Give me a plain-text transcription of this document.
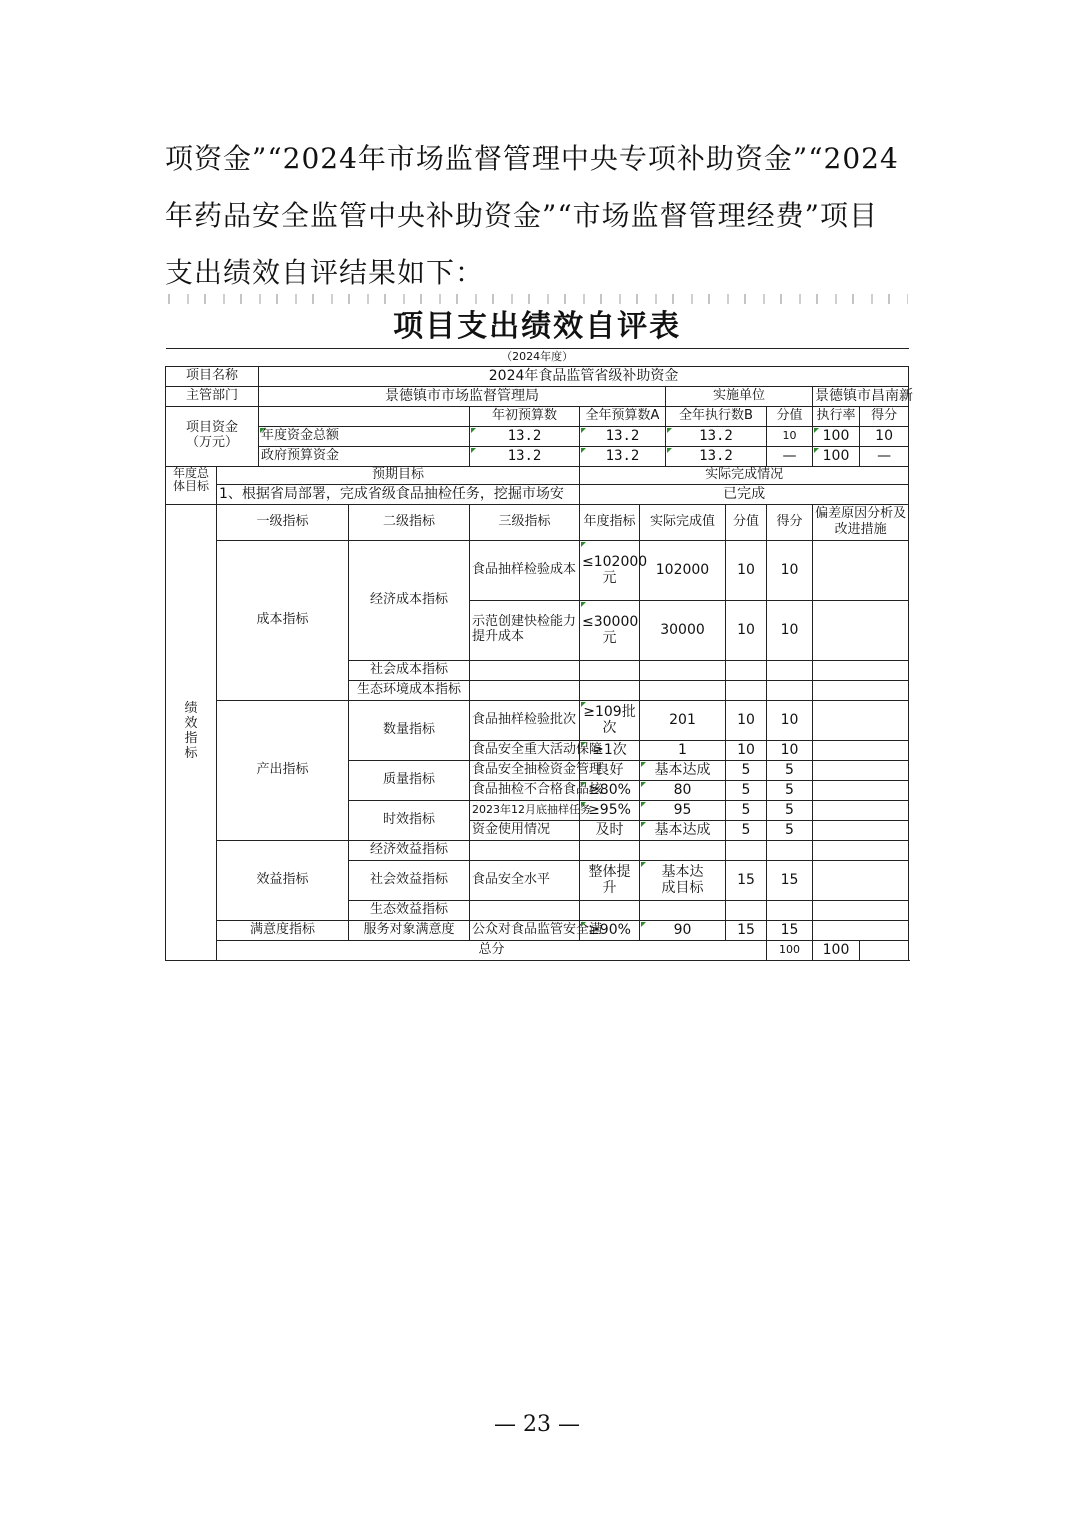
项资金”“2024年市场监督管理中央专项补助资金”“2024
年药品安全监管中央补助资金”“市场监督管理经费”项目
支出绩效自评结果如下：

项目支出绩效自评表											
（2024年度）											
项目名称		2024年食品监管省级补助资金									
主管部门		景德镇市市场监督管理局					实施单位			景德镇市昌南新	
项目资金（万元）				年初预算数	全年预算数A		全年执行数B		分值	执行率	得分
		年度资金总额		13.2	13.2		13.2		10	100	10
		政府预算资金		13.2	13.2		13.2		—	100	—
年度总体目标	预期目标				实际完成情况						
	1、根据省局部署，完成省级食品抽检任务，挖掘市场安				已完成						
绩效指标	一级指标		二级指标	三级指标	年度指标	实际完成值		分值	得分	偏差原因分析及改进措施	
	成本指标		经济成本指标	食品抽样检验成本	≤102000元	102000		10	10		
				示范创建快检能力提升成本	≤30000元	30000		10	10		
			社会成本指标								
			生态环境成本指标								
	产出指标		数量指标	食品抽样检验批次	≥109批次	201		10	10		
				食品安全重大活动保障	≥1次	1		10	10		
			质量指标	食品安全抽检资金管理	良好	基本达成		5	5		
				食品抽检不合格食品核	≥80%	80		5	5		
			时效指标	2023年12月底抽样任务	≥95%	95		5	5		
				资金使用情况	及时	基本达成		5	5		
	效益指标		经济效益指标								
			社会效益指标	食品安全水平	整体提升	基本达成目标		15	15		
			生态效益指标								
	满意度指标		服务对象满意度	公众对食品监管安全满	≥90%	90		15	15		
	总分								100	100	
— 23 —
